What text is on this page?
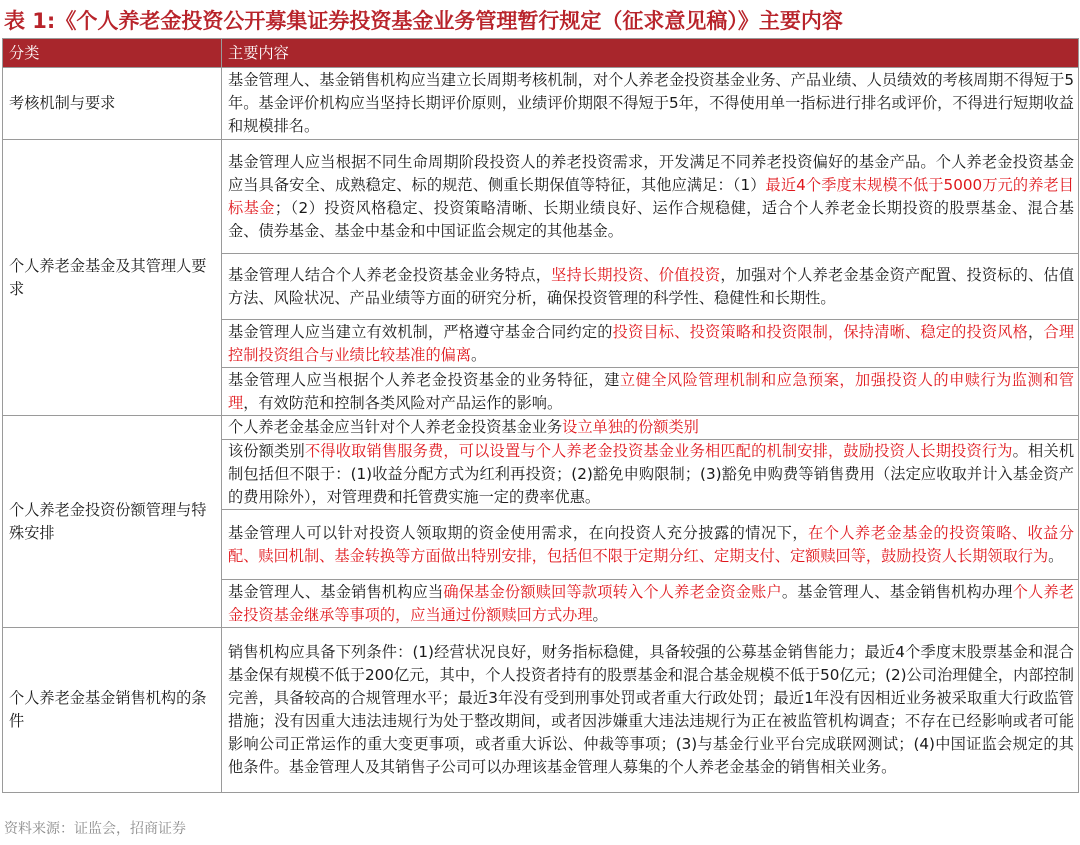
表 1:《个人养老金投资公开募集证券投资基金业务管理暂行规定（征求意见稿）》主要内容
分类	主要内容
考核机制与要求	基金管理人、基金销售机构应当建立长周期考核机制，对个人养老金投资基金业务、产品业绩、人员绩效的考核周期不得短于5年。基金评价机构应当坚持长期评价原则，业绩评价期限不得短于5年，不得使用单一指标进行排名或评价，不得进行短期收益和规模排名。
个人养老金基金及其管理人要求	基金管理人应当根据不同生命周期阶段投资人的养老投资需求，开发满足不同养老投资偏好的基金产品。个人养老金投资基金应当具备安全、成熟稳定、标的规范、侧重长期保值等特征，其他应满足：（1）最近4个季度末规模不低于5000万元的养老目标基金；（2）投资风格稳定、投资策略清晰、长期业绩良好、运作合规稳健，适合个人养老金长期投资的股票基金、混合基金、债券基金、基金中基金和中国证监会规定的其他基金。
	基金管理人结合个人养老金投资基金业务特点，坚持长期投资、价值投资，加强对个人养老金基金资产配置、投资标的、估值方法、风险状况、产品业绩等方面的研究分析，确保投资管理的科学性、稳健性和长期性。
	基金管理人应当建立有效机制，严格遵守基金合同约定的投资目标、投资策略和投资限制，保持清晰、稳定的投资风格，合理控制投资组合与业绩比较基准的偏离。
	基金管理人应当根据个人养老金投资基金的业务特征，建立健全风险管理机制和应急预案，加强投资人的申赎行为监测和管理，有效防范和控制各类风险对产品运作的影响。
个人养老金投资份额管理与特殊安排	个人养老金基金应当针对个人养老金投资基金业务设立单独的份额类别
	该份额类别不得收取销售服务费，可以设置与个人养老金投资基金业务相匹配的机制安排，鼓励投资人长期投资行为。相关机制包括但不限于：(1)收益分配方式为红利再投资；(2)豁免申购限制；(3)豁免申购费等销售费用（法定应收取并计入基金资产的费用除外），对管理费和托管费实施一定的费率优惠。
	基金管理人可以针对投资人领取期的资金使用需求，在向投资人充分披露的情况下，在个人养老金基金的投资策略、收益分配、赎回机制、基金转换等方面做出特别安排，包括但不限于定期分红、定期支付、定额赎回等，鼓励投资人长期领取行为。
	基金管理人、基金销售机构应当确保基金份额赎回等款项转入个人养老金资金账户。基金管理人、基金销售机构办理个人养老金投资基金继承等事项的，应当通过份额赎回方式办理。
个人养老金基金销售机构的条件	销售机构应具备下列条件：(1)经营状况良好，财务指标稳健，具备较强的公募基金销售能力；最近4个季度末股票基金和混合基金保有规模不低于200亿元，其中，个人投资者持有的股票基金和混合基金规模不低于50亿元；(2)公司治理健全，内部控制完善，具备较高的合规管理水平；最近3年没有受到刑事处罚或者重大行政处罚；最近1年没有因相近业务被采取重大行政监管措施；没有因重大违法违规行为处于整改期间，或者因涉嫌重大违法违规行为正在被监管机构调查；不存在已经影响或者可能影响公司正常运作的重大变更事项，或者重大诉讼、仲裁等事项；(3)与基金行业平台完成联网测试；(4)中国证监会规定的其他条件。基金管理人及其销售子公司可以办理该基金管理人募集的个人养老金基金的销售相关业务。
资料来源：证监会，招商证券
